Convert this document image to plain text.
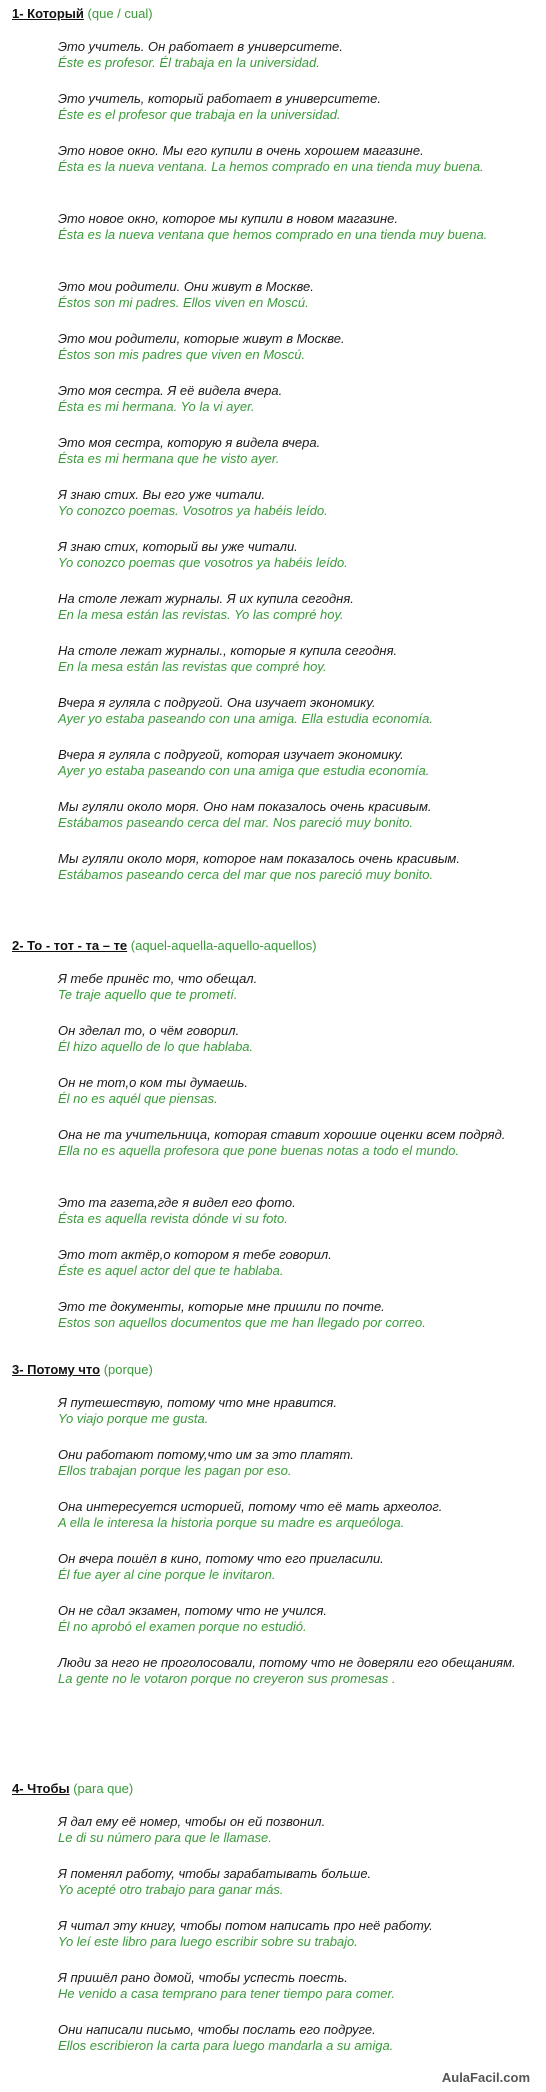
1- Который (que / cual)
Это учитель. Он работает в университете.
Éste es profesor. Él trabaja en la universidad.
Это учитель, который работает в университете.
Éste es el profesor que trabaja en la universidad.
Это новое окно. Мы его купили в очень хорошем магазине.
Ésta es la nueva ventana. La hemos comprado en una tienda muy buena.
Это новое окно, которое мы купили в новом магазине.
Ésta es la nueva ventana que hemos comprado en una tienda muy buena.
Это мои родители. Они живут в Москве.
Éstos son mi padres. Ellos viven en Moscú.
Это мои родители, которые живут в Москве.
Éstos son mis padres que viven en Moscú.
Это моя сестра. Я её видела вчера.
Ésta es mi hermana. Yo la vi ayer.
Это моя сестра, которую я видела вчера.
Ésta es mi hermana que he visto ayer.
Я знаю стих. Вы его уже читали.
Yo conozco poemas. Vosotros ya habéis leído.
Я знаю стих, который вы уже читали.
Yo conozco poemas que vosotros ya habéis leído.
На столе лежат журналы. Я их купила сегодня.
En la mesa están las revistas. Yo las compré hoy.
На столе лежат журналы., которые я купила сегодня.
En la mesa están las revistas que compré hoy.
Вчера я гуляла с подругой. Она изучает экономику.
Ayer yo estaba paseando con una amiga. Ella estudia economía.
Вчера я гуляла с подругой, которая изучает экономику.
Ayer yo estaba paseando con una amiga que estudia economía.
Мы гуляли около моря. Оно нам показалось очень красивым.
Estábamos paseando cerca del mar. Nos pareció muy bonito.
Мы гуляли около моря, которое нам показалось очень красивым.
Estábamos paseando cerca del mar que nos pareció muy bonito.
2- То - тот - та – те (aquel-aquella-aquello-aquellos)
Я тебе принёс то, что обещал.
Te traje aquello que te prometí.
Он зделал то, о чём говорил.
Él hizo aquello de lo que hablaba.
Он не тот,о ком ты думаешь.
Él no es aquél que piensas.
Она не та учительница, которая ставит хорошие оценки всем подряд.
Ella no es aquella profesora que pone buenas notas a todo el mundo.
Это та газета,где я видел его фото.
Ésta es aquella revista dónde vi su foto.
Это тот актёр,о котором я тебе говорил.
Éste es aquel actor del que te hablaba.
Это те документы, которые мне пришли по почте.
Estos son aquellos documentos que me han llegado por correo.
3- Потому что (porque)
Я путешествую, потому что мне нравится.
Yo viajo porque me gusta.
Они работают потому,что им за это платят.
Ellos trabajan porque les pagan por eso.
Она интересуется историей, потому что её мать археолог.
A ella le interesa la historia porque su madre es arqueóloga.
Он вчера пошёл в кино, потому что его пригласили.
Él fue ayer al cine porque le invitaron.
Он не сдал экзамен, потому что не учился.
Él no aprobó el examen porque no estudió.
Люди за него не проголосовали, потому что не доверяли его обещаниям.
La gente no le votaron porque no creyeron sus promesas .
4- Чтобы (para que)
Я дал ему её номер, чтобы он ей позвонил.
Le di su número para que le llamase.
Я поменял работу, чтобы зарабатывать больше.
Yo acepté otro trabajo para ganar más.
Я читал эту книгу, чтобы потом написать про неё работу.
Yo leí este libro para luego escribir sobre su trabajo.
Я пришёл рано домой, чтобы успесть поесть.
He venido a casa temprano para tener tiempo para comer.
Они написали письмо, чтобы послать его подруге.
Ellos escribieron la carta para luego mandarla a su amiga.
AulaFacil.com
